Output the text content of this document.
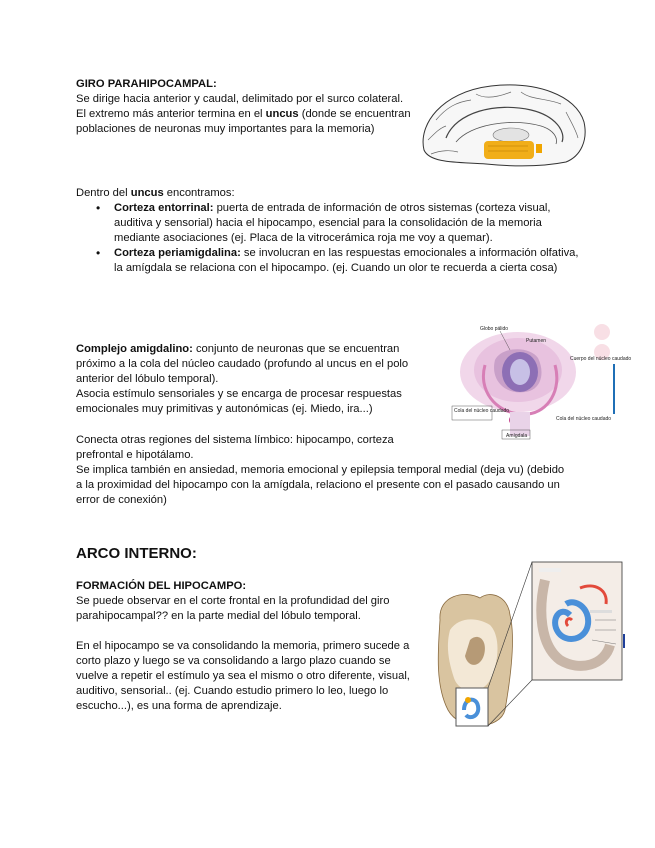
GIRO PARAHIPOCAMPAL:

Se dirige hacia anterior y caudal, delimitado por el surco colateral.

El extremo más anterior termina en el uncus (donde se encuentran poblaciones de neuronas muy importantes para la memoria)

Dentro del uncus encontramos:

• Corteza entorrinal: puerta de entrada de información de otros sistemas (corteza visual, auditiva y sensorial) hacia el hipocampo, esencial para la consolidación de la memoria mediante asociaciones (ej. Placa de la vitrocerámica roja me voy a quemar).
• Corteza periamigdalina: se involucran en las respuestas emocionales a información olfativa, la amígdala se relaciona con el hipocampo. (ej. Cuando un olor te recuerda a cierta cosa)

Complejo amigdalino: conjunto de neuronas que se encuentran próximo a la cola del núcleo caudado (profundo al uncus en el polo anterior del lóbulo temporal).

Asocia estímulo sensoriales y se encarga de procesar respuestas emocionales muy primitivas y autonómicas (ej. Miedo, ira...)

Conecta otras regiones del sistema límbico: hipocampo, corteza prefrontal e hipotálamo.

Se implica también en ansiedad, memoria emocional y epilepsia temporal medial (deja vu) (debido a la proximidad del hipocampo con la amígdala, relaciono el presente con el pasado causando un error de conexión)

Globo pálido
Putamen
Cuerpo del núcleo caudado
Cola del núcleo caudado
Cola del núcleo caudado
Amígdala
ARCO INTERNO:

FORMACIÓN DEL HIPOCAMPO:

Se puede observar en el corte frontal en la profundidad del giro parahipocampal?? en la parte medial del lóbulo temporal.

En el hipocampo se va consolidando la memoria, primero sucede a corto plazo y luego se va consolidando a largo plazo cuando se vuelve a repetir el estímulo ya sea el mismo o otro diferente, visual, auditivo, sensorial.. (ej. Cuando estudio primero lo leo, luego lo escucho...), es una forma de aprendizaje.
